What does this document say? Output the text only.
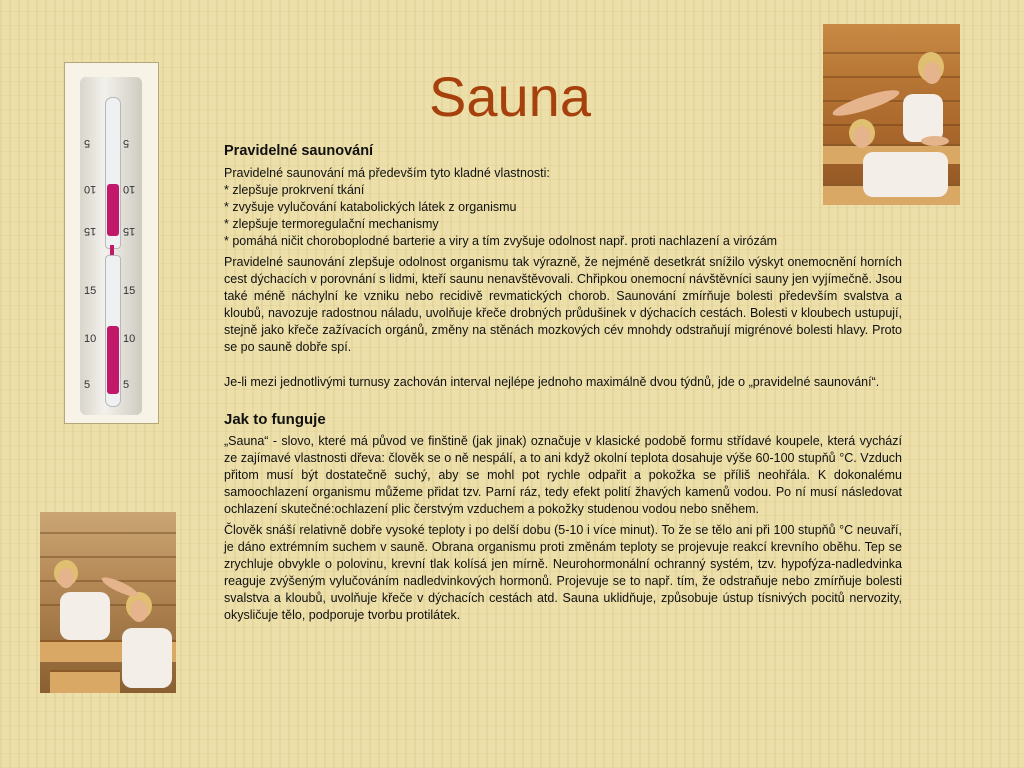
Sauna
5
10
15
15
10
5
5
10
15
15
10
5
Pravidelné saunování

Pravidelné saunování má především tyto kladné vlastnosti:

* zlepšuje prokrvení tkání
* zvyšuje vylučování katabolických látek z organismu
* zlepšuje termoregulační mechanismy
* pomáhá ničit choroboplodné barterie a viry a tím zvyšuje odolnost např. proti nachlazení a virózám

Pravidelné saunování zlepšuje odolnost organismu tak výrazně, že nejméně desetkrát snížilo výskyt onemocnění horních cest dýchacích v porovnání s lidmi, kteří saunu nenavštěvovali. Chřipkou onemocní návštěvníci sauny jen vyjímečně. Jsou také méně náchylní ke vzniku nebo recidivě revmatických chorob. Saunování zmírňuje bolesti především svalstva a kloubů, navozuje radostnou náladu, uvolňuje křeče drobných průdušinek v dýchacích cestách. Bolesti v kloubech ustupují, stejně jako křeče zažívacích orgánů, změny na stěnách mozkových cév mnohdy odstraňují migrénové bolesti hlavy. Proto se po sauně dobře spí.

Je-li mezi jednotlivými turnusy zachován interval nejlépe jednoho maximálně dvou týdnů, jde o „pravidelné saunování“.

Jak to funguje

„Sauna“ - slovo, které má původ ve finštině (jak jinak) označuje v klasické podobě formu střídavé koupele, která vychází ze zajímavé vlastnosti dřeva: člověk se o ně nespálí, a to ani když okolní teplota dosahuje výše 60-100 stupňů °C. Vzduch přitom musí být dostatečně suchý, aby se mohl pot rychle odpařit a pokožka se příliš neohřála. K dokonalému samoochlazení organismu můžeme přidat tzv. Parní ráz, tedy efekt polití žhavých kamenů vodou. Po ní musí následovat ochlazení skutečné:ochlazení plic čerstvým vzduchem a pokožky studenou vodou nebo sněhem.

Člověk snáší relativně dobře vysoké teploty i po delší dobu (5-10 i více minut). To že se tělo ani při 100 stupňů °C neuvaří, je dáno extrémním suchem v sauně. Obrana organismu proti změnám teploty se projevuje reakcí krevního oběhu. Tep se zrychluje obvykle o polovinu, krevní tlak kolísá jen mírně. Neurohormonální ochranný systém, tzv. hypofýza-nadledvinka reaguje zvýšeným vylučováním nadledvinkových hormonů. Projevuje se to např. tím, že odstraňuje nebo zmírňuje bolesti svalstva a kloubů, uvolňuje křeče v dýchacích cestách atd. Sauna uklidňuje, způsobuje ústup tísnivých pocitů nervozity, okysličuje tělo, podporuje tvorbu protilátek.
